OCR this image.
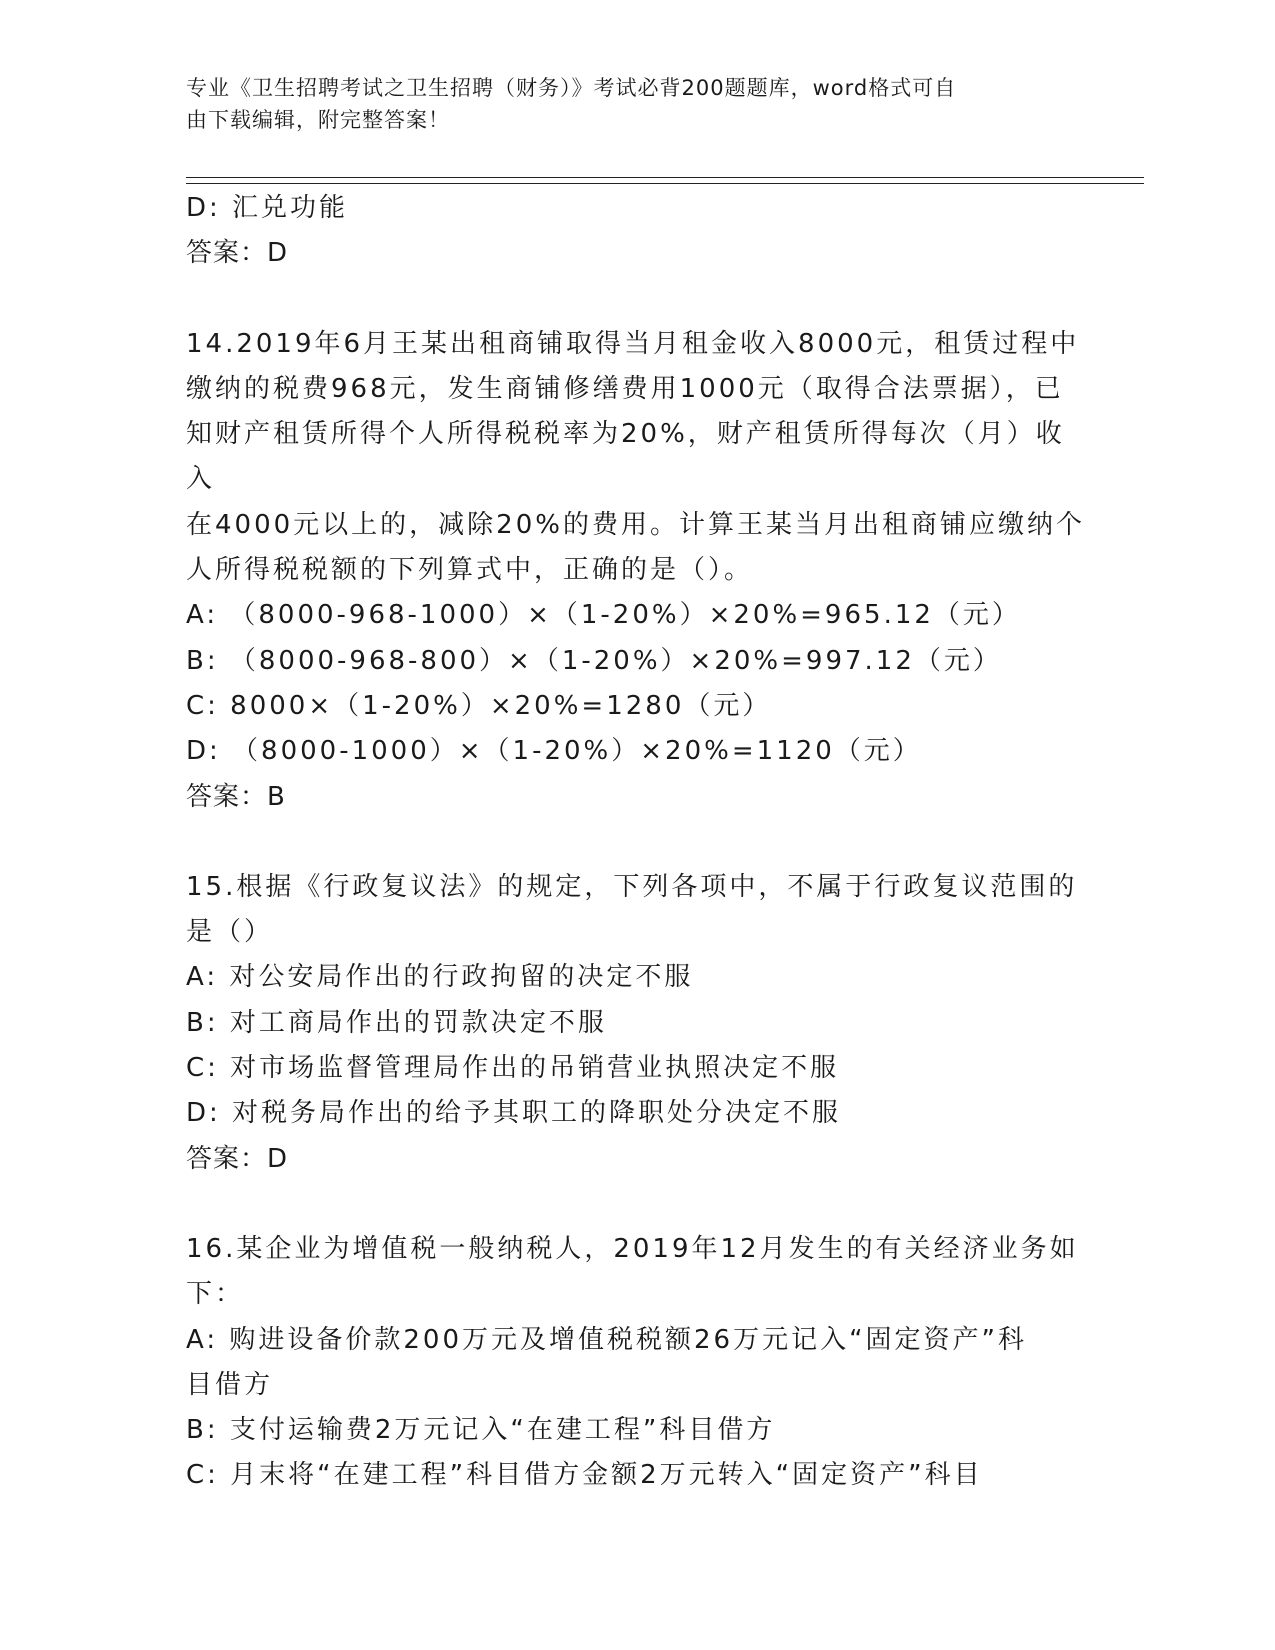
专业《卫生招聘考试之卫生招聘（财务）》考试必背200题题库，word格式可自
由下载编辑，附完整答案！

D: 汇兑功能

答案：D

14.2019年6月王某出租商铺取得当月租金收入8000元，租赁过程中

缴纳的税费968元，发生商铺修缮费用1000元（取得合法票据），已

知财产租赁所得个人所得税税率为20%，财产租赁所得每次（月）收入

在4000元以上的，减除20%的费用。计算王某当月出租商铺应缴纳个

人所得税税额的下列算式中，正确的是（）。

A: （8000-968-1000）×（1-20%）×20%=965.12（元）

B: （8000-968-800）×（1-20%）×20%=997.12（元）

C: 8000×（1-20%）×20%=1280（元）

D: （8000-1000）×（1-20%）×20%=1120（元）

答案：B

15.根据《行政复议法》的规定，下列各项中，不属于行政复议范围的

是（）

A: 对公安局作出的行政拘留的决定不服

B: 对工商局作出的罚款决定不服

C: 对市场监督管理局作出的吊销营业执照决定不服

D: 对税务局作出的给予其职工的降职处分决定不服

答案：D

16.某企业为增值税一般纳税人，2019年12月发生的有关经济业务如

下：

A: 购进设备价款200万元及增值税税额26万元记入“固定资产”科

目借方

B: 支付运输费2万元记入“在建工程”科目借方

C: 月末将“在建工程”科目借方金额2万元转入“固定资产”科目
